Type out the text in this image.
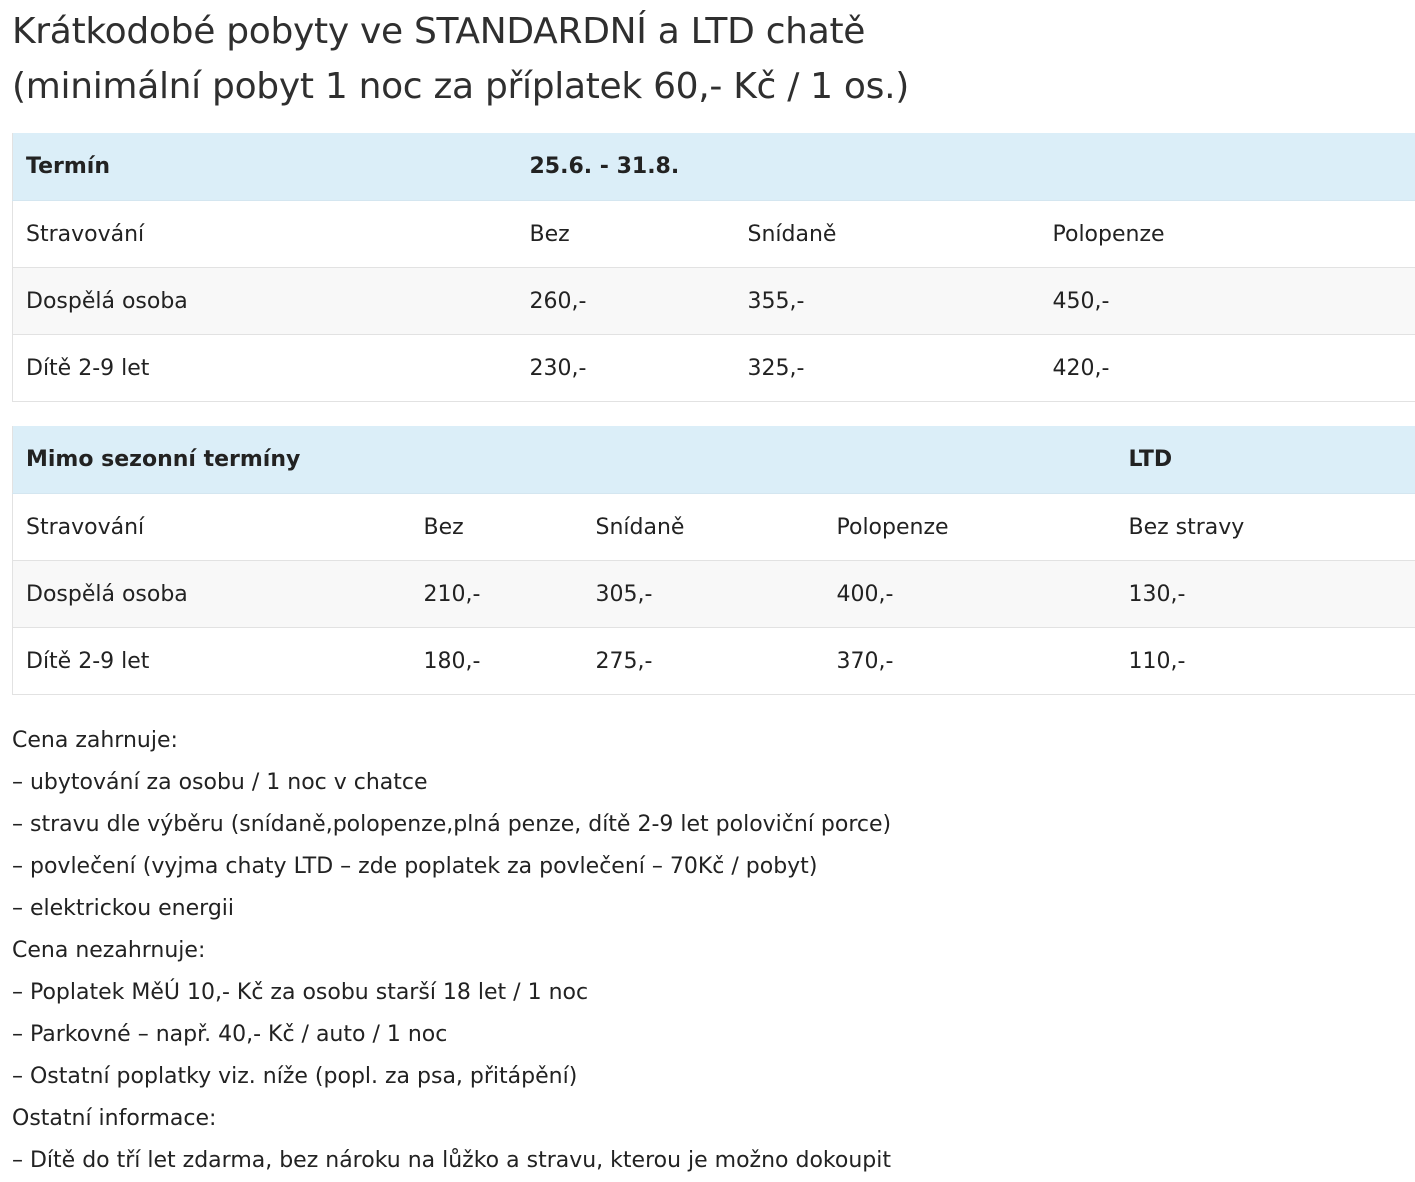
Krátkodobé pobyty ve STANDARDNÍ a LTD chatě
(minimální pobyt 1 noc za příplatek 60,- Kč / 1 os.)
Termín	25.6. - 31.8.		
Stravování	Bez	Snídaně	Polopenze
Dospělá osoba	260,-	355,-	450,-
Dítě 2-9 let	230,-	325,-	420,-
Mimo sezonní termíny				LTD
Stravování	Bez	Snídaně	Polopenze	Bez stravy
Dospělá osoba	210,-	305,-	400,-	130,-
Dítě 2-9 let	180,-	275,-	370,-	110,-

Cena zahrnuje:

– ubytování za osobu / 1 noc v chatce

– stravu dle výběru (snídaně,polopenze,plná penze, dítě 2-9 let poloviční porce)

– povlečení (vyjma chaty LTD – zde poplatek za povlečení – 70Kč / pobyt)

– elektrickou energii

Cena nezahrnuje:

– Poplatek MěÚ 10,- Kč za osobu starší 18 let / 1 noc

– Parkovné – např. 40,- Kč / auto / 1 noc

– Ostatní poplatky viz. níže (popl. za psa, přitápění)

Ostatní informace:

– Dítě do tří let zdarma, bez nároku na lůžko a stravu, kterou je možno dokoupit
